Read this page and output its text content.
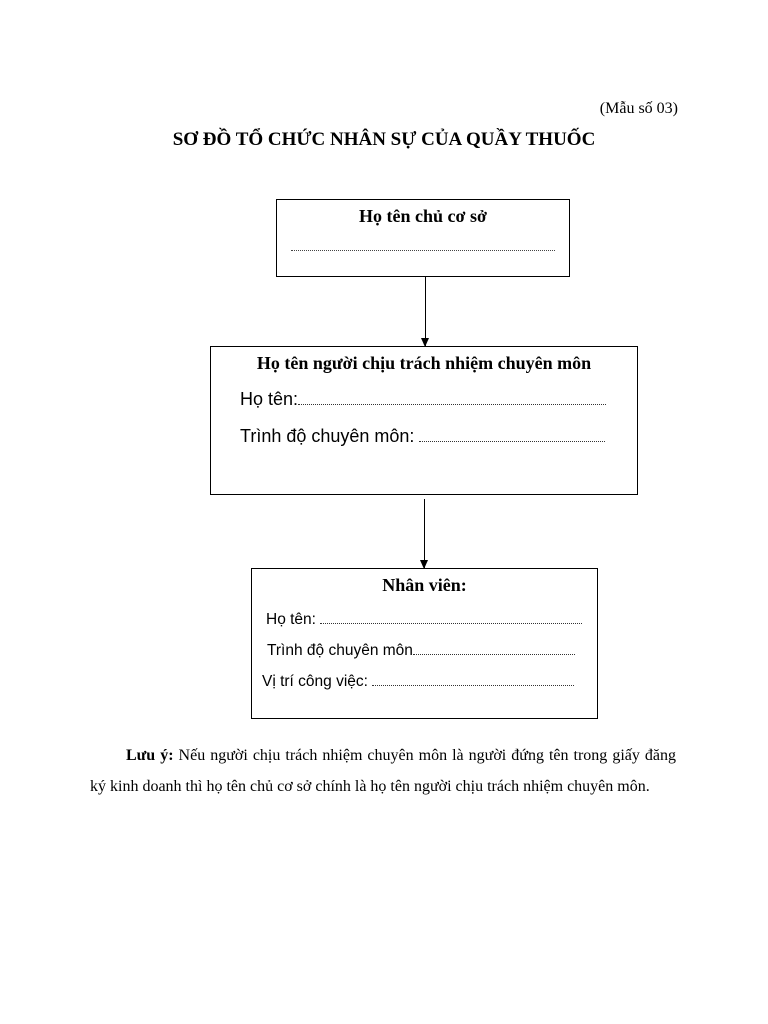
(Mẫu số 03)
SƠ ĐỒ TỔ CHỨC NHÂN SỰ CỦA QUẦY THUỐC
Họ tên chủ cơ sở
Họ tên người chịu trách nhiệm chuyên môn
Họ tên:
Trình độ chuyên môn:
Nhân viên:
Họ tên:
Trình độ chuyên môn
Vị trí công việc:
Lưu ý: Nếu người chịu trách nhiệm chuyên môn là người đứng tên trong giấy đăng ký kinh doanh thì họ tên chủ cơ sở chính là họ tên người chịu trách nhiệm chuyên môn.
